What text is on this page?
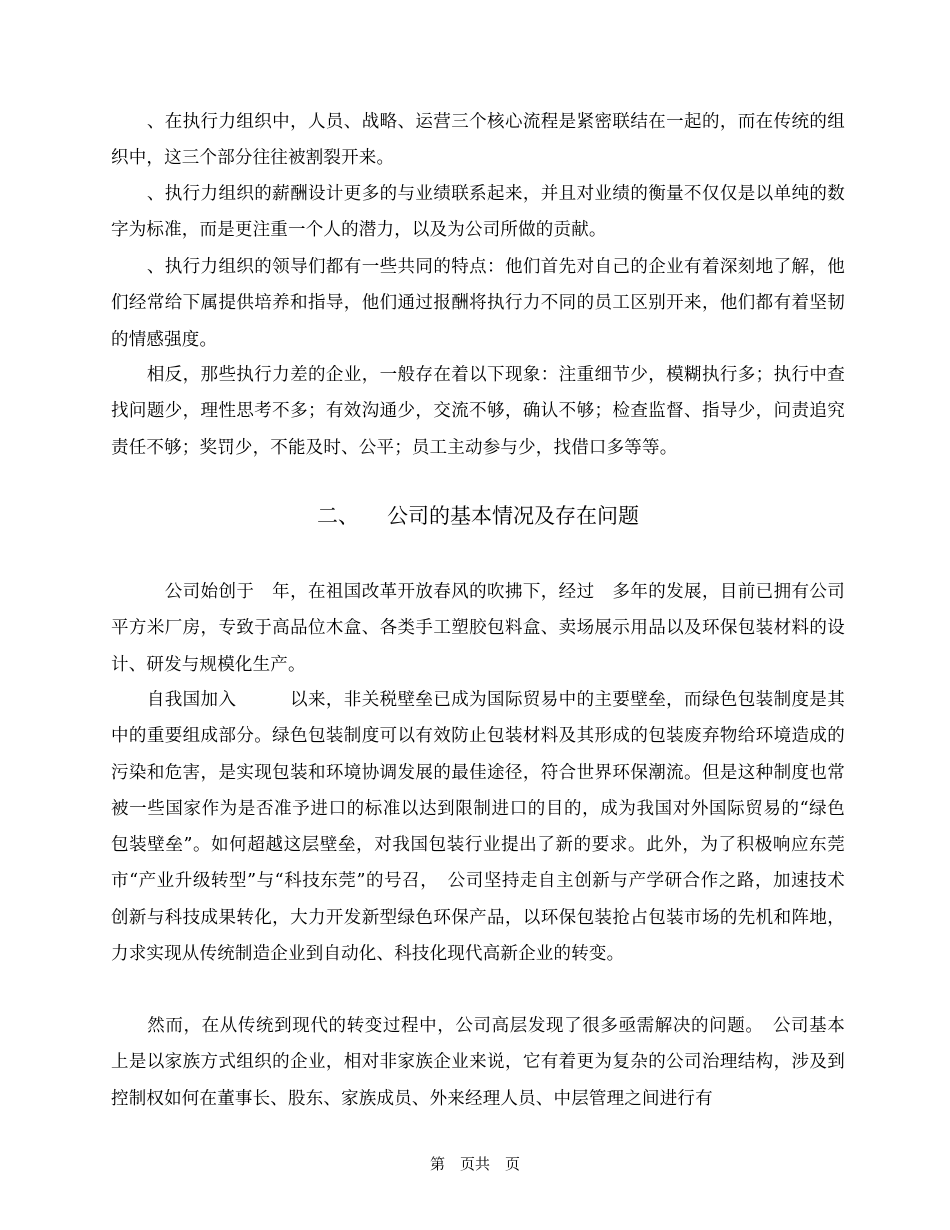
　　、在执行力组织中，人员、战略、运营三个核心流程是紧密联结在一起的，而在传统的组织中，这三个部分往往被割裂开来。

　　、执行力组织的薪酬设计更多的与业绩联系起来，并且对业绩的衡量不仅仅是以单纯的数字为标准，而是更注重一个人的潜力，以及为公司所做的贡献。

　　、执行力组织的领导们都有一些共同的特点：他们首先对自己的企业有着深刻地了解，他们经常给下属提供培养和指导，他们通过报酬将执行力不同的员工区别开来，他们都有着坚韧的情感强度。

　　相反，那些执行力差的企业，一般存在着以下现象：注重细节少，模糊执行多；执行中查找问题少，理性思考不多；有效沟通少，交流不够，确认不够；检查监督、指导少，问责追究责任不够；奖罚少，不能及时、公平；员工主动参与少，找借口多等等。

二、 公司的基本情况及存在问题

　　　公司始创于　年，在祖国改革开放春风的吹拂下，经过　多年的发展，目前已拥有公司平方米厂房，专致于高品位木盒、各类手工塑胶包料盒、卖场展示用品以及环保包装材料的设计、研发与规模化生产。

　　自我国加入　　　以来，非关税壁垒已成为国际贸易中的主要壁垒，而绿色包装制度是其中的重要组成部分。绿色包装制度可以有效防止包装材料及其形成的包装废弃物给环境造成的污染和危害，是实现包装和环境协调发展的最佳途径，符合世界环保潮流。但是这种制度也常被一些国家作为是否准予进口的标准以达到限制进口的目的，成为我国对外国际贸易的“绿色包装壁垒”。如何超越这层壁垒，对我国包装行业提出了新的要求。此外，为了积极响应东莞市“产业升级转型”与“科技东莞”的号召，　公司坚持走自主创新与产学研合作之路，加速技术创新与科技成果转化，大力开发新型绿色环保产品，以环保包装抢占包装市场的先机和阵地，力求实现从传统制造企业到自动化、科技化现代高新企业的转变。

　　然而，在从传统到现代的转变过程中，公司高层发现了很多亟需解决的问题。　公司基本上是以家族方式组织的企业，相对非家族企业来说，它有着更为复杂的公司治理结构，涉及到控制权如何在董事长、股东、家族成员、外来经理人员、中层管理之间进行有

第　页共　页
